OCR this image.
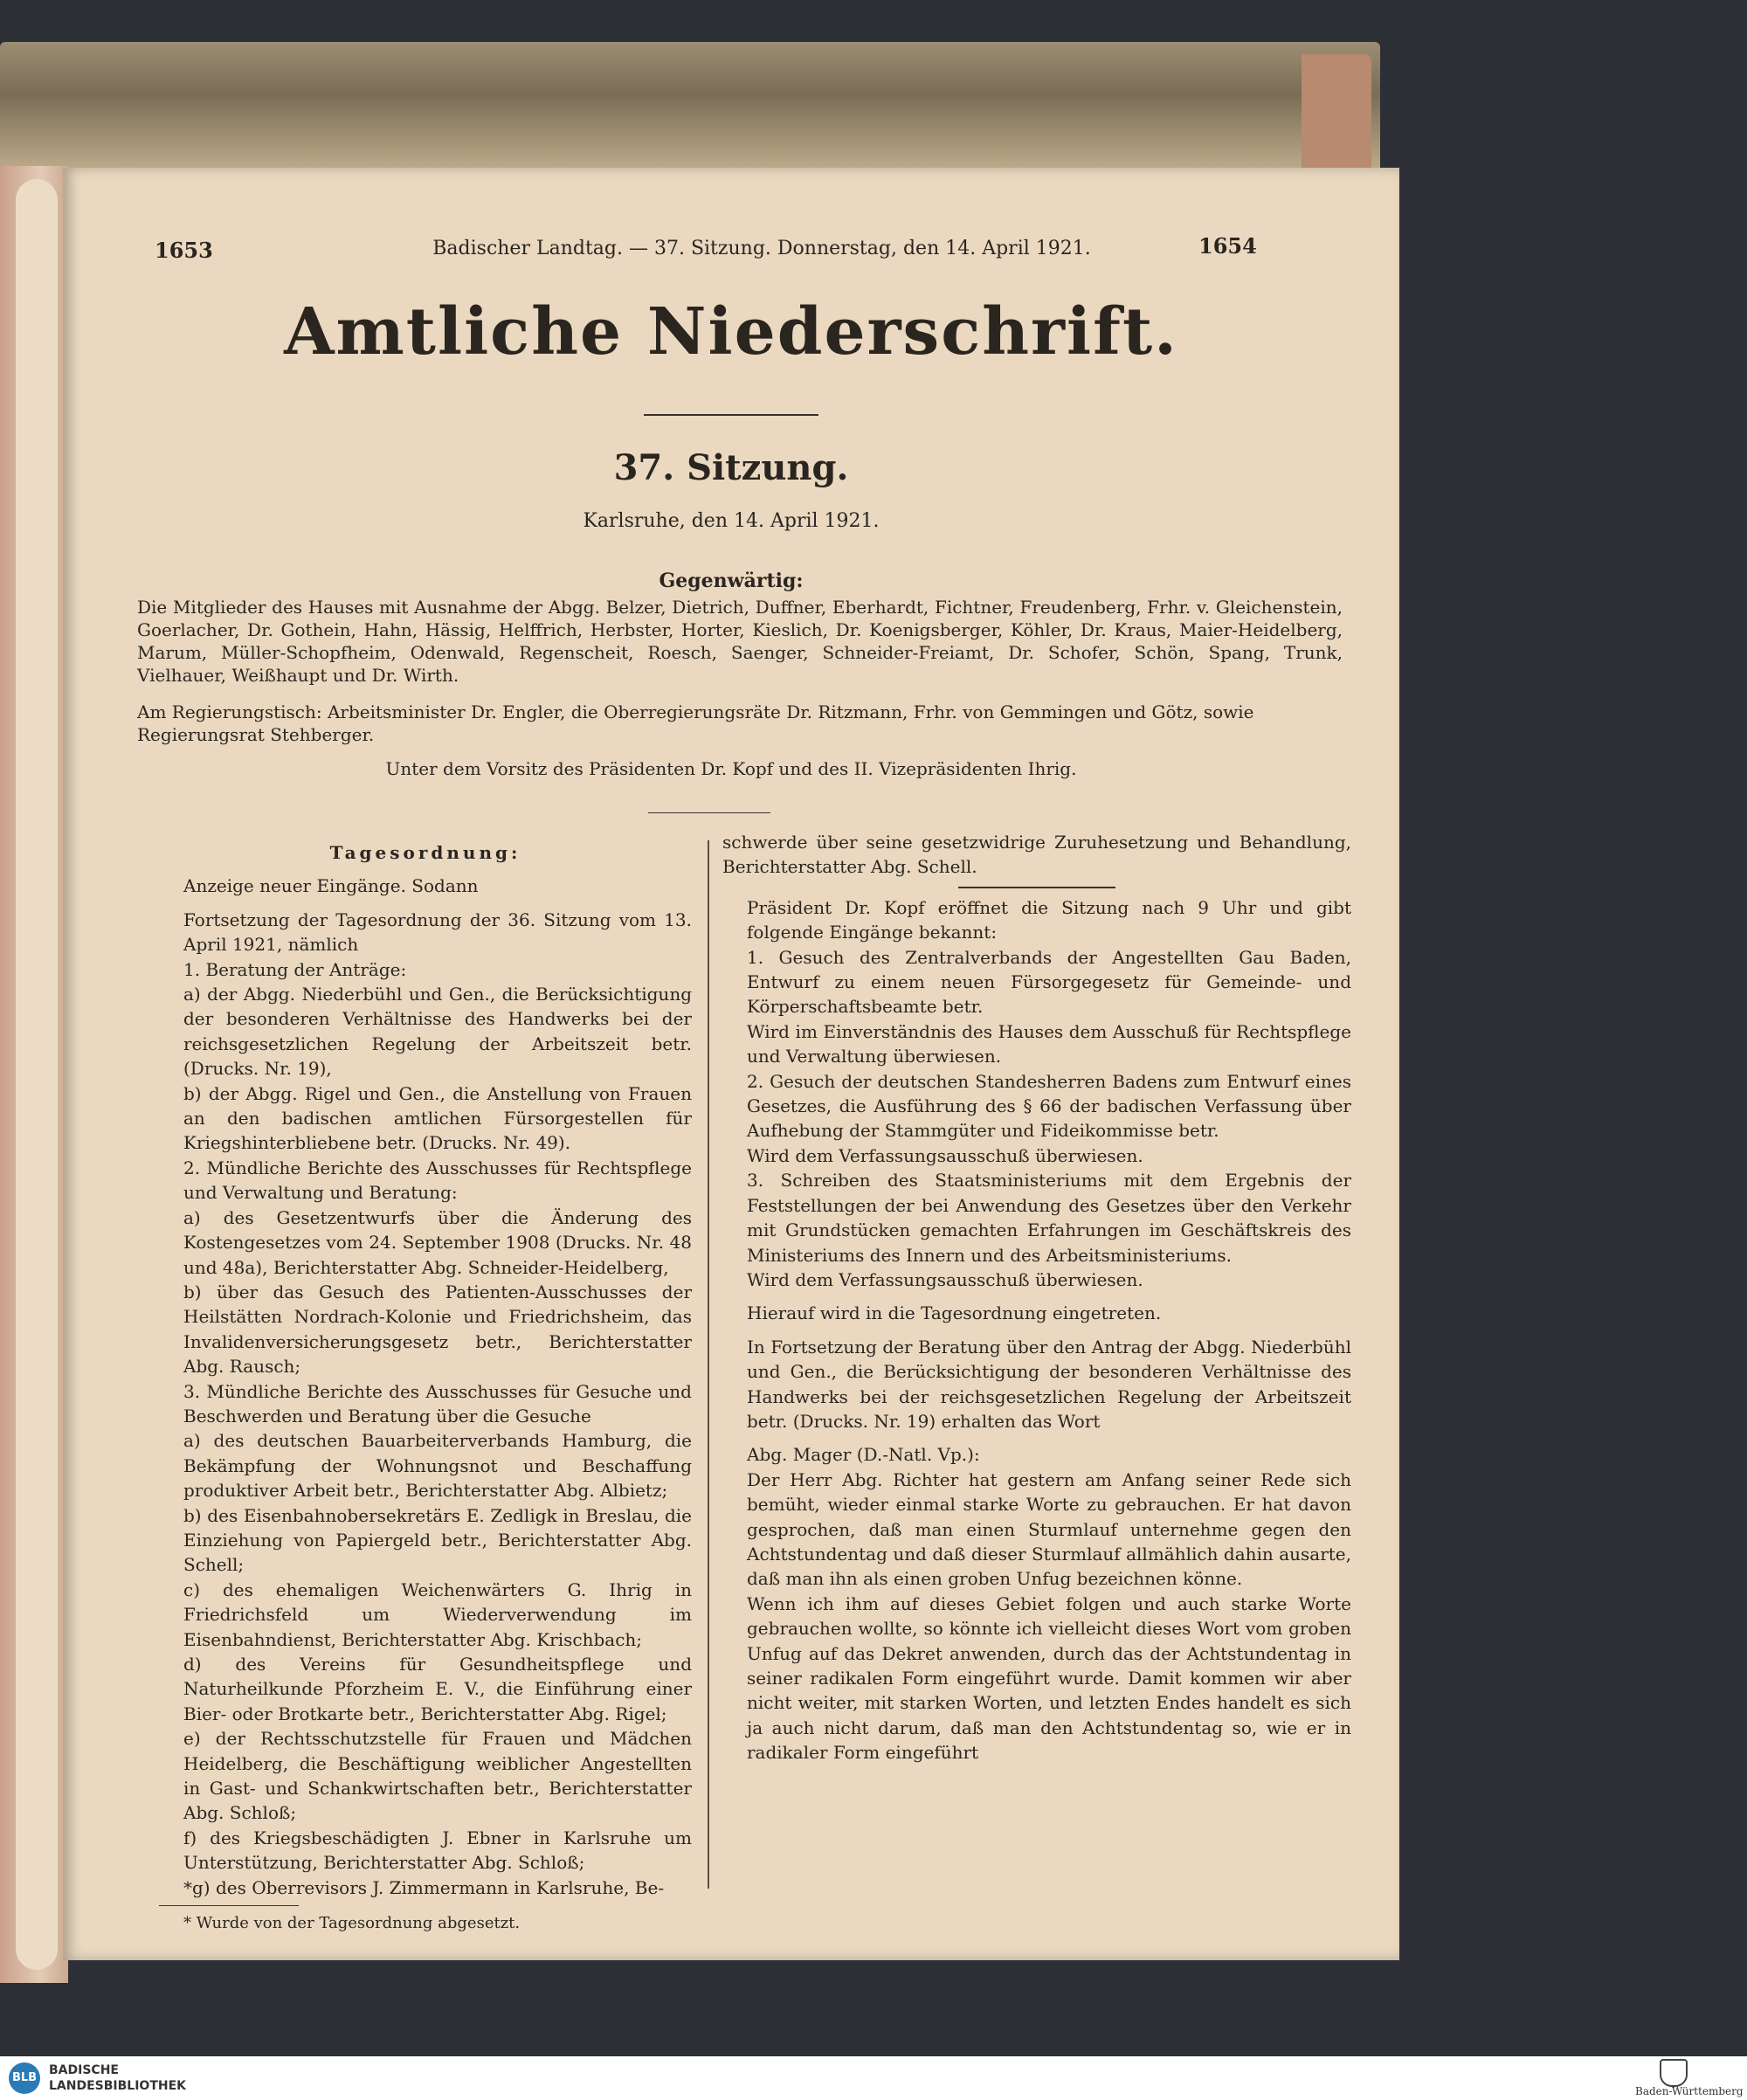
1653	Badischer Landtag. — 37. Sitzung. Donnerstag, den 14. April 1921.	1654
Amtliche Niederschrift.
37. Sitzung.
Karlsruhe, den 14. April 1921.
Gegenwärtig:
Die Mitglieder des Hauses mit Ausnahme der Abgg. Belzer, Dietrich, Duffner, Eberhardt, Fichtner, Freudenberg, Frhr. v. Gleichenstein, Goerlacher, Dr. Gothein, Hahn, Hässig, Helffrich, Herbster, Horter, Kieslich, Dr. Koenigsberger, Köhler, Dr. Kraus, Maier-Heidelberg, Marum, Müller-Schopfheim, Odenwald, Regenscheit, Roesch, Saenger, Schneider-Freiamt, Dr. Schofer, Schön, Spang, Trunk, Vielhauer, Weißhaupt und Dr. Wirth.
Am Regierungstisch: Arbeitsminister Dr. Engler, die Oberregierungsräte Dr. Ritzmann, Frhr. von Gemmingen und Götz, sowie Regierungsrat Stehberger.
Unter dem Vorsitz des Präsidenten Dr. Kopf und des II. Vizepräsidenten Ihrig.

Tagesordnung:

Anzeige neuer Eingänge. Sodann

Fortsetzung der Tagesordnung der 36. Sitzung vom 13. April 1921, nämlich

1. Beratung der Anträge:

a) der Abgg. Niederbühl und Gen., die Berücksichtigung der besonderen Verhältnisse des Handwerks bei der reichsgesetzlichen Regelung der Arbeitszeit betr. (Drucks. Nr. 19),

b) der Abgg. Rigel und Gen., die Anstellung von Frauen an den badischen amtlichen Fürsorgestellen für Kriegshinterbliebene betr. (Drucks. Nr. 49).

2. Mündliche Berichte des Ausschusses für Rechtspflege und Verwaltung und Beratung:

a) des Gesetzentwurfs über die Änderung des Kostengesetzes vom 24. September 1908 (Drucks. Nr. 48 und 48a), Berichterstatter Abg. Schneider-Heidelberg,

b) über das Gesuch des Patienten-Ausschusses der Heilstätten Nordrach-Kolonie und Friedrichsheim, das Invalidenversicherungsgesetz betr., Berichterstatter Abg. Rausch;

3. Mündliche Berichte des Ausschusses für Gesuche und Beschwerden und Beratung über die Gesuche

a) des deutschen Bauarbeiterverbands Hamburg, die Bekämpfung der Wohnungsnot und Beschaffung produktiver Arbeit betr., Berichterstatter Abg. Albietz;

b) des Eisenbahnobersekretärs E. Zedligk in Breslau, die Einziehung von Papiergeld betr., Berichterstatter Abg. Schell;

c) des ehemaligen Weichenwärters G. Ihrig in Friedrichsfeld um Wiederverwendung im Eisenbahndienst, Berichterstatter Abg. Krischbach;

d) des Vereins für Gesundheitspflege und Naturheilkunde Pforzheim E. V., die Einführung einer Bier- oder Brotkarte betr., Berichterstatter Abg. Rigel;

e) der Rechtsschutzstelle für Frauen und Mädchen Heidelberg, die Beschäftigung weiblicher Angestellten in Gast- und Schankwirtschaften betr., Berichterstatter Abg. Schloß;

f) des Kriegsbeschädigten J. Ebner in Karlsruhe um Unterstützung, Berichterstatter Abg. Schloß;

*g) des Oberrevisors J. Zimmermann in Karlsruhe, Be-

* Wurde von der Tagesordnung abgesetzt.

schwerde über seine gesetzwidrige Zuruhesetzung und Behandlung, Berichterstatter Abg. Schell.

Präsident Dr. Kopf eröffnet die Sitzung nach 9 Uhr und gibt folgende Eingänge bekannt:

1. Gesuch des Zentralverbands der Angestellten Gau Baden, Entwurf zu einem neuen Fürsorgegesetz für Gemeinde- und Körperschaftsbeamte betr.

Wird im Einverständnis des Hauses dem Ausschuß für Rechtspflege und Verwaltung überwiesen.

2. Gesuch der deutschen Standesherren Badens zum Entwurf eines Gesetzes, die Ausführung des § 66 der badischen Verfassung über Aufhebung der Stammgüter und Fideikommisse betr.

Wird dem Verfassungsausschuß überwiesen.

3. Schreiben des Staatsministeriums mit dem Ergebnis der Feststellungen der bei Anwendung des Gesetzes über den Verkehr mit Grundstücken gemachten Erfahrungen im Geschäftskreis des Ministeriums des Innern und des Arbeitsministeriums.

Wird dem Verfassungsausschuß überwiesen.

Hierauf wird in die Tagesordnung eingetreten.

In Fortsetzung der Beratung über den Antrag der Abgg. Niederbühl und Gen., die Berücksichtigung der besonderen Verhältnisse des Handwerks bei der reichsgesetzlichen Regelung der Arbeitszeit betr. (Drucks. Nr. 19) erhalten das Wort

Abg. Mager (D.-Natl. Vp.):

Der Herr Abg. Richter hat gestern am Anfang seiner Rede sich bemüht, wieder einmal starke Worte zu gebrauchen. Er hat davon gesprochen, daß man einen Sturmlauf unternehme gegen den Achtstundentag und daß dieser Sturmlauf allmählich dahin ausarte, daß man ihn als einen groben Unfug bezeichnen könne.

Wenn ich ihm auf dieses Gebiet folgen und auch starke Worte gebrauchen wollte, so könnte ich vielleicht dieses Wort vom groben Unfug auf das Dekret anwenden, durch das der Achtstundentag in seiner radikalen Form eingeführt wurde. Damit kommen wir aber nicht weiter, mit starken Worten, und letzten Endes handelt es sich ja auch nicht darum, daß man den Achtstundentag so, wie er in radikaler Form eingeführt

BLB
BADISCHE
LANDESBIBLIOTHEK	Baden-Württemberg
